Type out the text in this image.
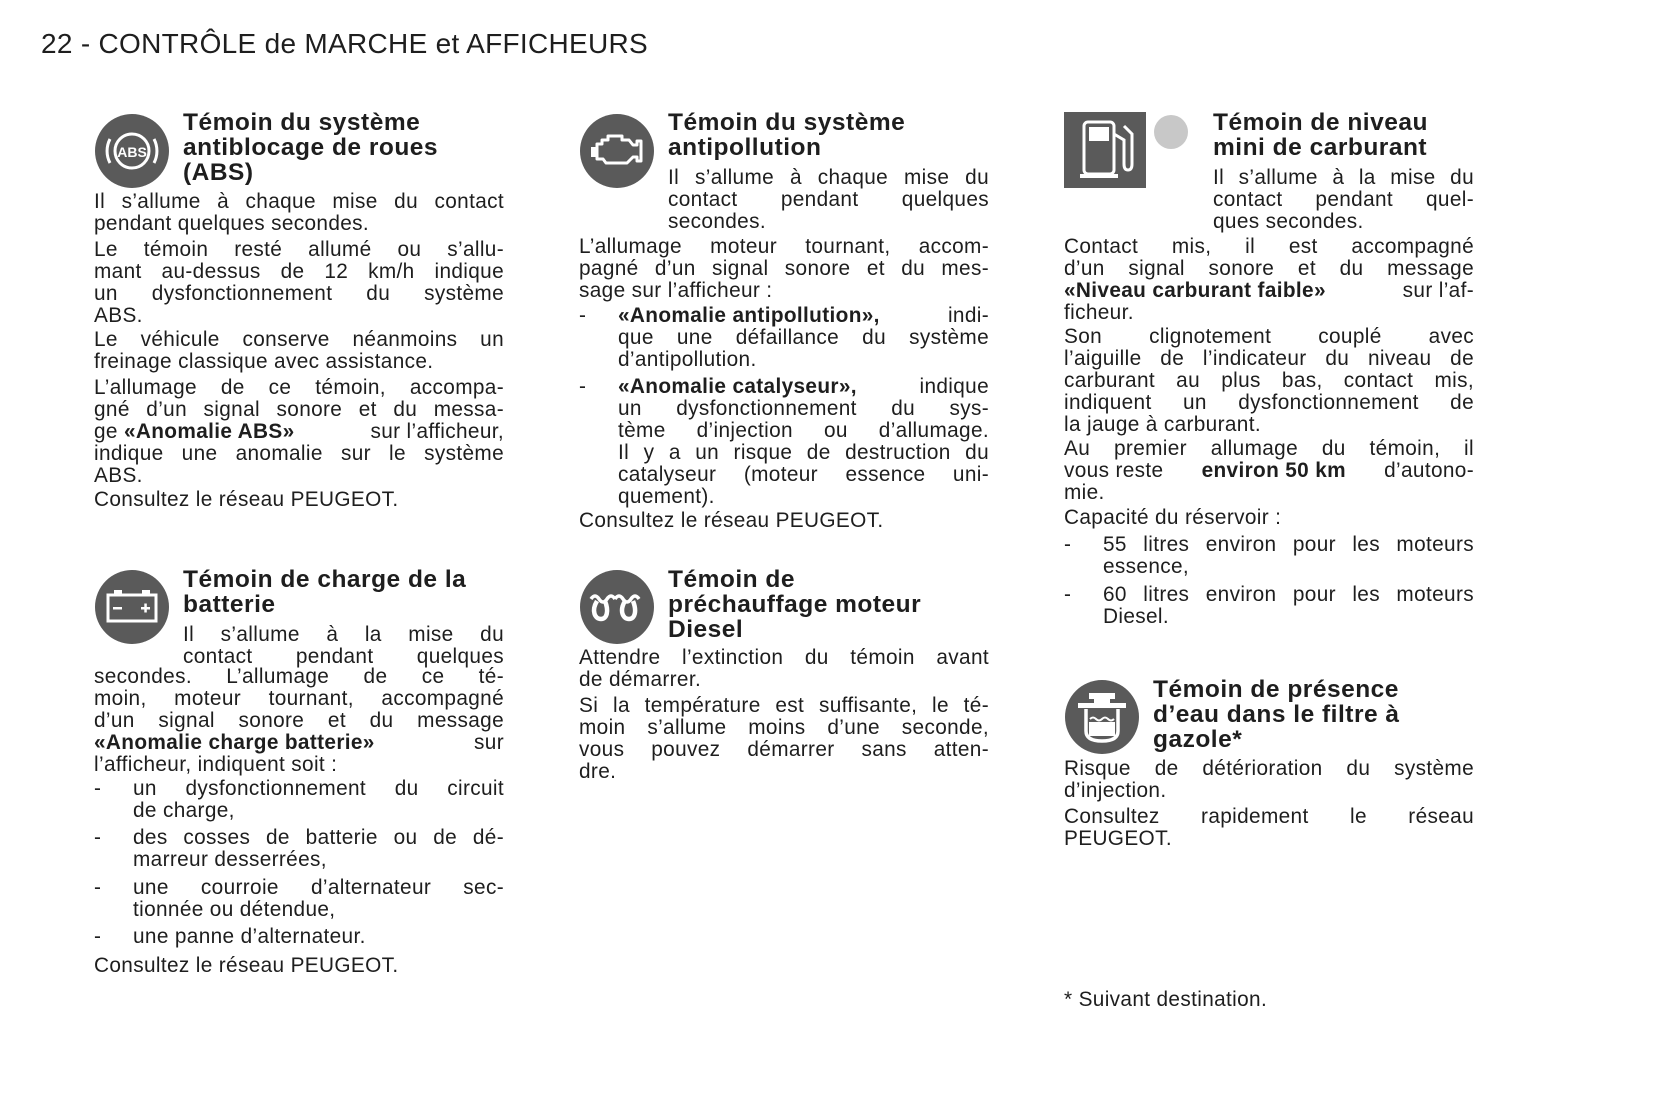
22 - CONTRÔLE de MARCHE et AFFICHEURS
ABS
Témoin du système
antiblocage de roues
(ABS)
Il s’allume à chaque mise du contact
pendant quelques secondes.
Le témoin resté allumé ou s’allu-
mant au-dessus de 12 km/h indique
un dysfonctionnement du système
ABS.
Le véhicule conserve néanmoins un
freinage classique avec assistance.
L’allumage de ce témoin, accompa-
gné d’un signal sonore et du messa-
ge «Anomalie ABS»	sur l’afficheur,
indique une anomalie sur le système
ABS.
Consultez le réseau PEUGEOT.
Témoin de charge de la
batterie
Il s’allume à la mise du
contact pendant quelques
secondes. L’allumage de ce té-
moin, moteur tournant, accompagné
d’un signal sonore et du message
«Anomalie charge batterie»	sur
l’afficheur, indiquent soit :
- un dysfonctionnement du circuit
de charge,
- des cosses de batterie ou de dé-
marreur desserrées,
- une courroie d’alternateur sec-
tionnée ou détendue,
- une panne d’alternateur.
Consultez le réseau PEUGEOT.
Témoin du système
antipollution
Il s’allume à chaque mise du
contact pendant quelques
secondes.
L’allumage moteur tournant, accom-
pagné d’un signal sonore et du mes-
sage sur l’afficheur :
- «Anomalie antipollution»,	indi-
que une défaillance du système
d’antipollution.
- «Anomalie catalyseur»,	indique
un dysfonctionnement du sys-
tème d’injection ou d’allumage.
Il y a un risque de destruction du
catalyseur (moteur essence uni-
quement).
Consultez le réseau PEUGEOT.
Témoin de
préchauffage moteur
Diesel
Attendre l’extinction du témoin avant
de démarrer.
Si la température est suffisante, le té-
moin s’allume moins d’une seconde,
vous pouvez démarrer sans atten-
dre.
Témoin de niveau
mini de carburant
Il s’allume à la mise du
contact pendant quel-
ques secondes.
Contact mis, il est accompagné
d’un signal sonore et du message
«Niveau carburant faible»	sur l’af-
ficheur.
Son clignotement couplé avec
l’aiguille de l’indicateur du niveau de
carburant au plus bas, contact mis,
indiquent un dysfonctionnement de
la jauge à carburant.
Au premier allumage du témoin, il
vous reste environ 50 km d’autono-
mie.
Capacité du réservoir :
- 55 litres environ pour les moteurs
essence,
- 60 litres environ pour les moteurs
Diesel.
Témoin de présence
d’eau dans le filtre à
gazole*
Risque de détérioration du système
d’injection.
Consultez rapidement le réseau
PEUGEOT.
* Suivant destination.
